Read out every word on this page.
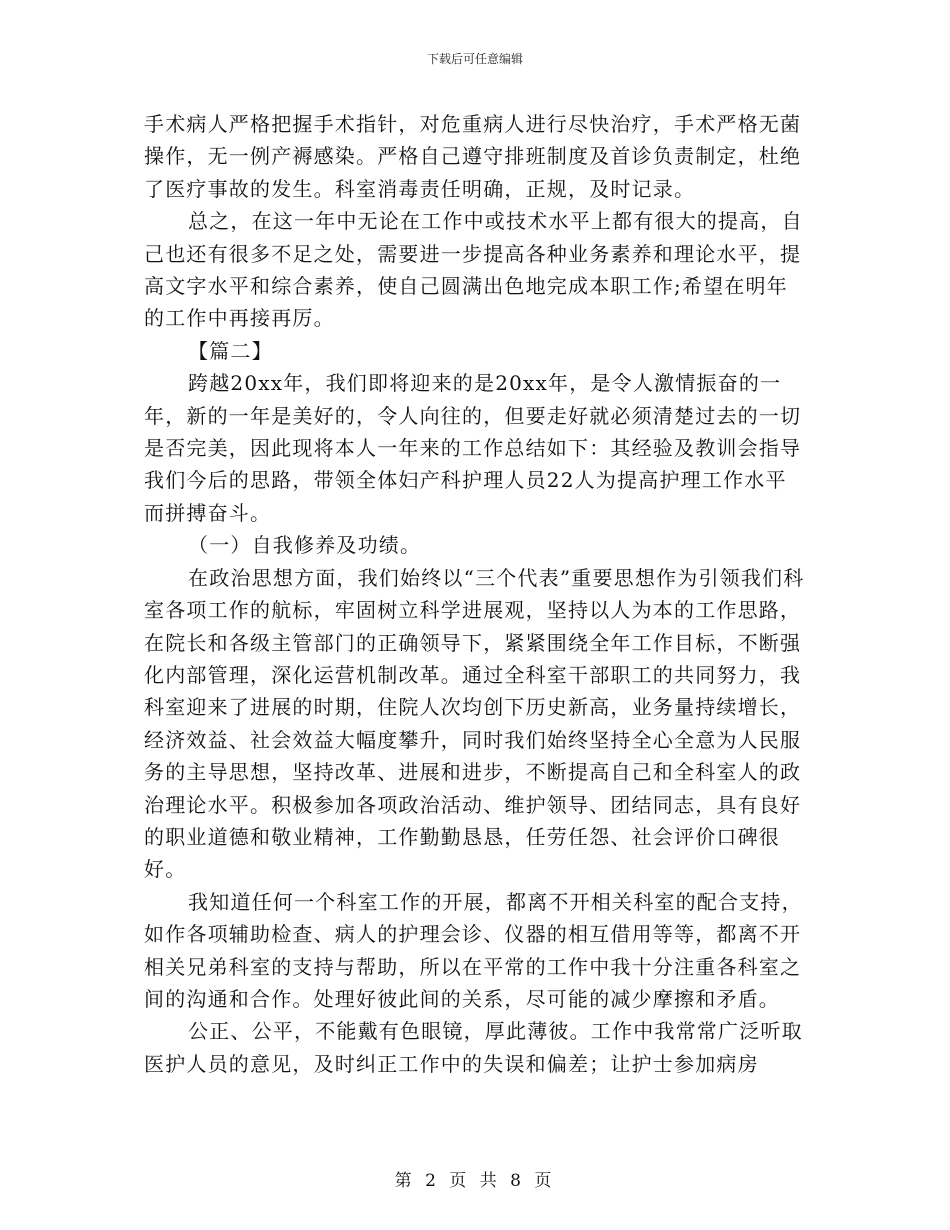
下载后可任意编辑

手术病人严格把握手术指针，对危重病人进行尽快治疗，手术严格无菌操作，无一例产褥感染。严格自己遵守排班制度及首诊负责制定，杜绝了医疗事故的发生。科室消毒责任明确，正规，及时记录。

总之，在这一年中无论在工作中或技术水平上都有很大的提高，自己也还有很多不足之处，需要进一步提高各种业务素养和理论水平，提高文字水平和综合素养，使自己圆满出色地完成本职工作;希望在明年的工作中再接再厉。

【篇二】

跨越20xx年，我们即将迎来的是20xx年，是令人激情振奋的一年，新的一年是美好的，令人向往的，但要走好就必须清楚过去的一切是否完美，因此现将本人一年来的工作总结如下：其经验及教训会指导我们今后的思路，带领全体妇产科护理人员22人为提高护理工作水平而拼搏奋斗。

（一）自我修养及功绩。

在政治思想方面，我们始终以“三个代表”重要思想作为引领我们科室各项工作的航标，牢固树立科学进展观，坚持以人为本的工作思路，在院长和各级主管部门的正确领导下，紧紧围绕全年工作目标，不断强化内部管理，深化运营机制改革。通过全科室干部职工的共同努力，我科室迎来了进展的时期，住院人次均创下历史新高，业务量持续增长，经济效益、社会效益大幅度攀升，同时我们始终坚持全心全意为人民服务的主导思想，坚持改革、进展和进步，不断提高自己和全科室人的政治理论水平。积极参加各项政治活动、维护领导、团结同志，具有良好的职业道德和敬业精神，工作勤勤恳恳，任劳任怨、社会评价口碑很好。

我知道任何一个科室工作的开展，都离不开相关科室的配合支持，如作各项辅助检查、病人的护理会诊、仪器的相互借用等等，都离不开相关兄弟科室的支持与帮助，所以在平常的工作中我十分注重各科室之间的沟通和合作。处理好彼此间的关系，尽可能的减少摩擦和矛盾。

公正、公平，不能戴有色眼镜，厚此薄彼。工作中我常常广泛听取医护人员的意见，及时纠正工作中的失误和偏差；让护士参加病房

第 2 页 共 8 页
